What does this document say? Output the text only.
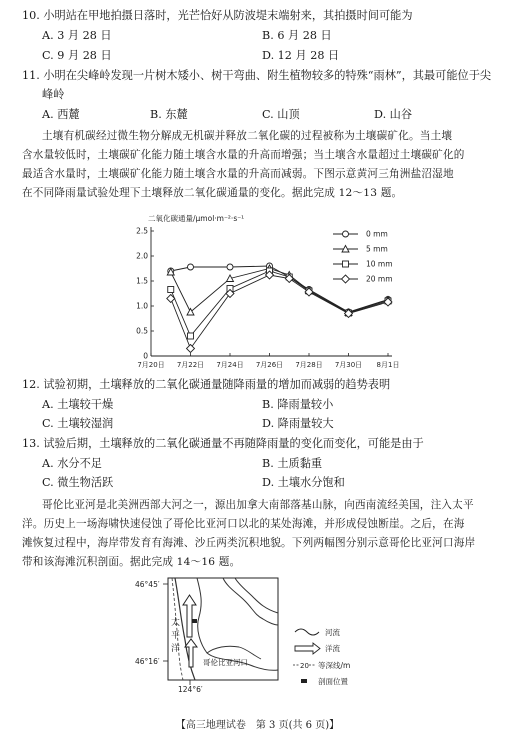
10. 小明站在甲地拍摄日落时，光芒恰好从防波堤末端射来，其拍摄时间可能为
A. 3 月 28 日	B. 6 月 28 日
C. 9 月 28 日	D. 12 月 28 日
11. 小明在尖峰岭发现一片树木矮小、树干弯曲、附生植物较多的特殊“雨林”，其最可能位于尖
峰岭
A. 西麓	B. 东麓	C. 山顶	D. 山谷
土壤有机碳经过微生物分解成无机碳并释放二氧化碳的过程被称为土壤碳矿化。当土壤
含水量较低时，土壤碳矿化能力随土壤含水量的升高而增强；当土壤含水量超过土壤碳矿化的
最适含水量时，土壤碳矿化能力随土壤含水量的升高而减弱。下图示意黄河三角洲盐沼湿地
在不同降雨量试验处理下土壤释放二氧化碳通量的变化。据此完成 12～13 题。
二氧化碳通量/μmol·m⁻²·s⁻¹
0
0.5
1.0
1.5
2.0
2.5
7月20日 7月22日 7月24日 7月26日 7月28日 7月30日 8月1日
0 mm
5 mm
10 mm
20 mm
12. 试验初期，土壤释放的二氧化碳通量随降雨量的增加而减弱的趋势表明
A. 土壤较干燥	B. 降雨量较小
C. 土壤较湿润	D. 降雨量较大
13. 试验后期，土壤释放的二氧化碳通量不再随降雨量的变化而变化，可能是由于
A. 水分不足	B. 土质黏重
C. 微生物活跃	D. 土壤水分饱和
哥伦比亚河是北美洲西部大河之一，源出加拿大南部落基山脉，向西南流经美国，注入太平
洋。历史上一场海啸快速侵蚀了哥伦比亚河口以北的某处海滩，并形成侵蚀断崖。之后，在海
滩恢复过程中，海岸带发育有海滩、沙丘两类沉积地貌。下列两幅图分别示意哥伦比亚河口海岸
带和该海滩沉积剖面。据此完成 14～16 题。
太
平
洋
哥伦比亚河口
46°45′
46°16′
124°6′
河流
洋流
20 等深线/m
剖面位置
【高三地理试卷　第 3 页(共 6 页)】
